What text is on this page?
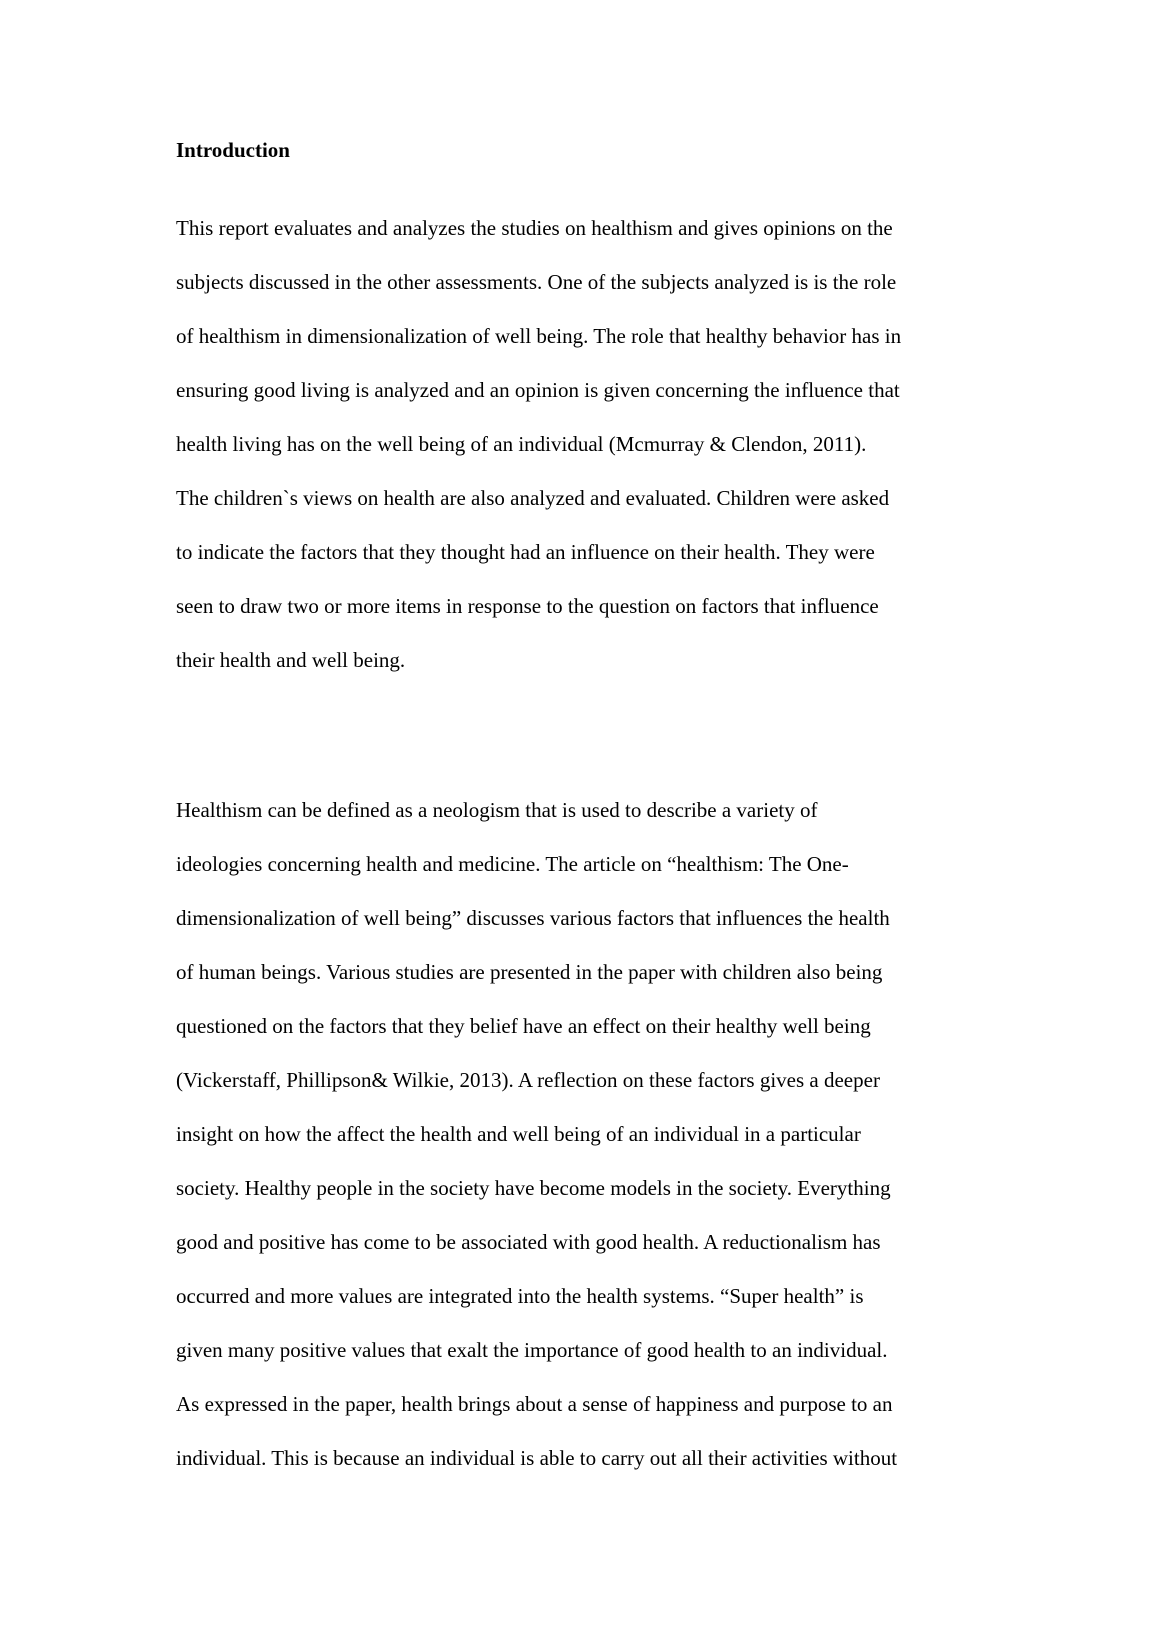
Introduction

This report evaluates and analyzes the studies on healthism and gives opinions on the
subjects discussed in the other assessments. One of the subjects analyzed is is the role
of healthism in dimensionalization of well being. The role that healthy behavior has in
ensuring good living is analyzed and an opinion is given concerning the influence that
health living has on the well being of an individual (Mcmurray & Clendon, 2011).
The children`s views on health are also analyzed and evaluated. Children were asked
to indicate the factors that they thought had an influence on their health. They were
seen to draw two or more items in response to the question on factors that influence
their health and well being.

Healthism can be defined as a neologism that is used to describe a variety of
ideologies concerning health and medicine. The article on “healthism: The One-
dimensionalization of well being” discusses various factors that influences the health
of human beings. Various studies are presented in the paper with children also being
questioned on the factors that they belief have an effect on their healthy well being
(Vickerstaff, Phillipson& Wilkie, 2013). A reflection on these factors gives a deeper
insight on how the affect the health and well being of an individual in a particular
society. Healthy people in the society have become models in the society. Everything
good and positive has come to be associated with good health. A reductionalism has
occurred and more values are integrated into the health systems. “Super health” is
given many positive values that exalt the importance of good health to an individual.
As expressed in the paper, health brings about a sense of happiness and purpose to an
individual. This is because an individual is able to carry out all their activities without
